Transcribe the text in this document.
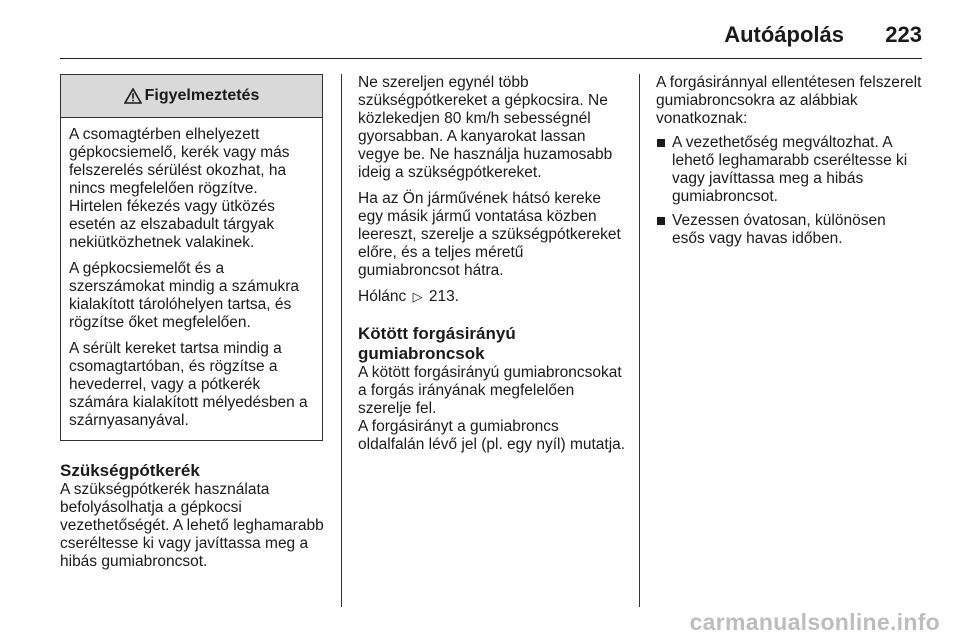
Autóápolás 223
Figyelmeztetés

A csomagtérben elhelyezett gépkocsiemelő, kerék vagy más felszerelés sérülést okozhat, ha nincs megfelelően rögzítve. Hirtelen fékezés vagy ütközés esetén az elszabadult tárgyak nekiütközhetnek valakinek.

A gépkocsiemelőt és a szerszámokat mindig a számukra kialakított tárolóhelyen tartsa, és rögzítse őket megfelelően.

A sérült kereket tartsa mindig a csomagtartóban, és rögzítse a hevederrel, vagy a pótkerék számára kialakított mélyedésben a szárnyasanyával.

Szükségpótkerék

A szükségpótkerék használata befolyásolhatja a gépkocsi vezethetőségét. A lehető leghamarabb cseréltesse ki vagy javíttassa meg a hibás gumiabroncsot.

Ne szereljen egynél több szükségpótkereket a gépkocsira. Ne közlekedjen 80 km/h sebességnél gyorsabban. A kanyarokat lassan vegye be. Ne használja huzamosabb ideig a szükségpótkereket.

Ha az Ön járművének hátsó kereke egy másik jármű vontatása közben leereszt, szerelje a szükségpótkereket előre, és a teljes méretű gumiabroncsot hátra.

Hólánc ▷ 213.

Kötött forgásirányú
gumiabroncsok

A kötött forgásirányú gumiabroncsokat a forgás irányának megfelelően szerelje fel.

A forgásirányt a gumiabroncs oldalfalán lévő jel (pl. egy nyíl) mutatja.

A forgásiránnyal ellentétesen felszerelt gumiabroncsokra az alábbiak vonatkoznak:

A vezethetőség megváltozhat. A lehető leghamarabb cseréltesse ki vagy javíttassa meg a hibás gumiabroncsot.
Vezessen óvatosan, különösen esős vagy havas időben.
carmanualsonline.info
